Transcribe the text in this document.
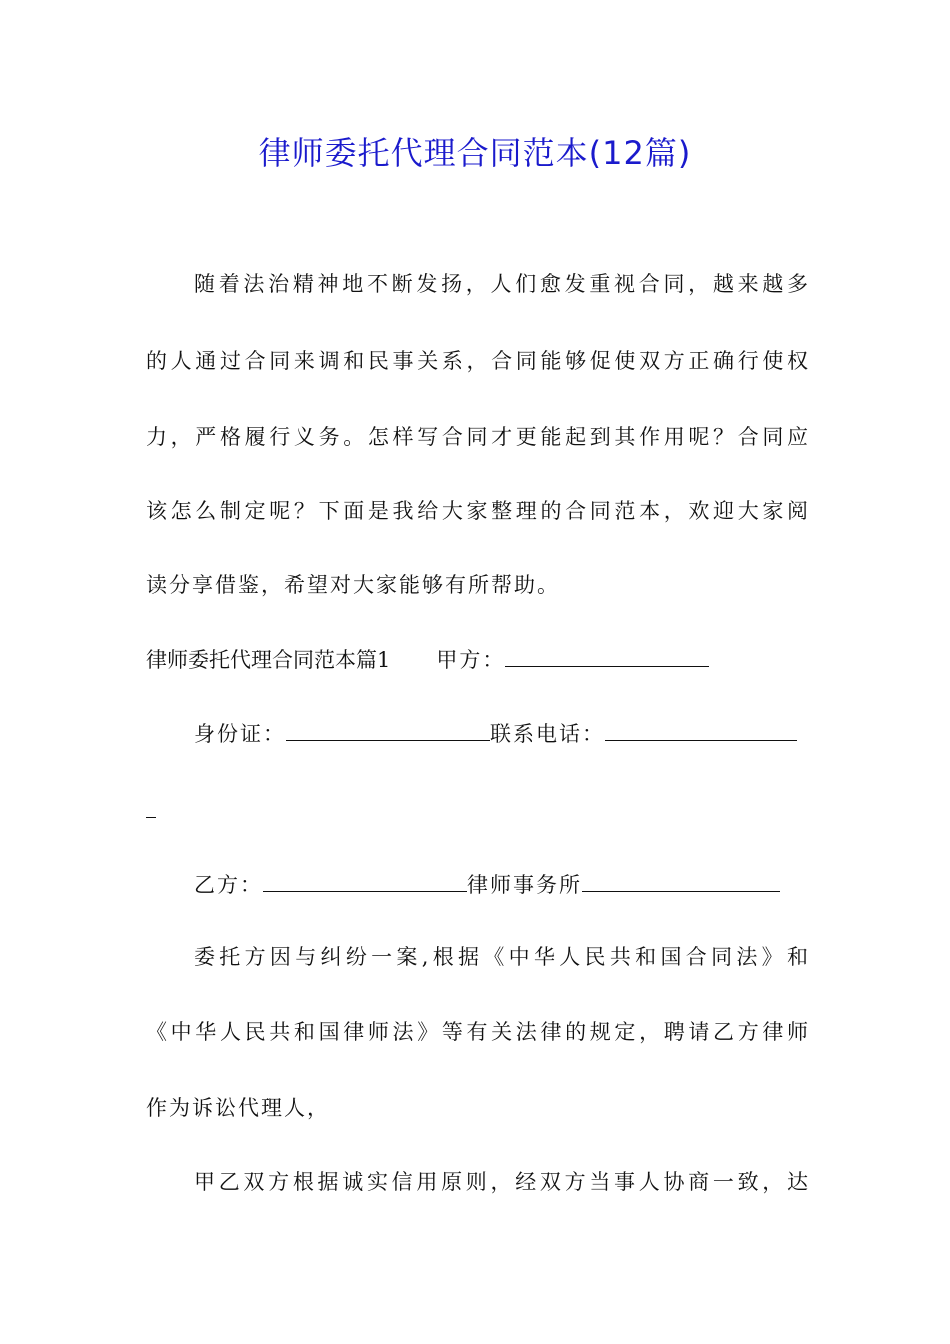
律师委托代理合同范本(12篇)
随着法治精神地不断发扬，人们愈发重视合同，越来越多
的人通过合同来调和民事关系，合同能够促使双方正确行使权
力，严格履行义务。怎样写合同才更能起到其作用呢？合同应
该怎么制定呢？下面是我给大家整理的合同范本，欢迎大家阅
读分享借鉴，希望对大家能够有所帮助。
律师委托代理合同范本篇1 甲方：
身份证：	联系电话：
乙方：	律师事务所
委托方因与纠纷一案,根据《中华人民共和国合同法》和
《中华人民共和国律师法》等有关法律的规定，聘请乙方律师
作为诉讼代理人，
甲乙双方根据诚实信用原则，经双方当事人协商一致，达
